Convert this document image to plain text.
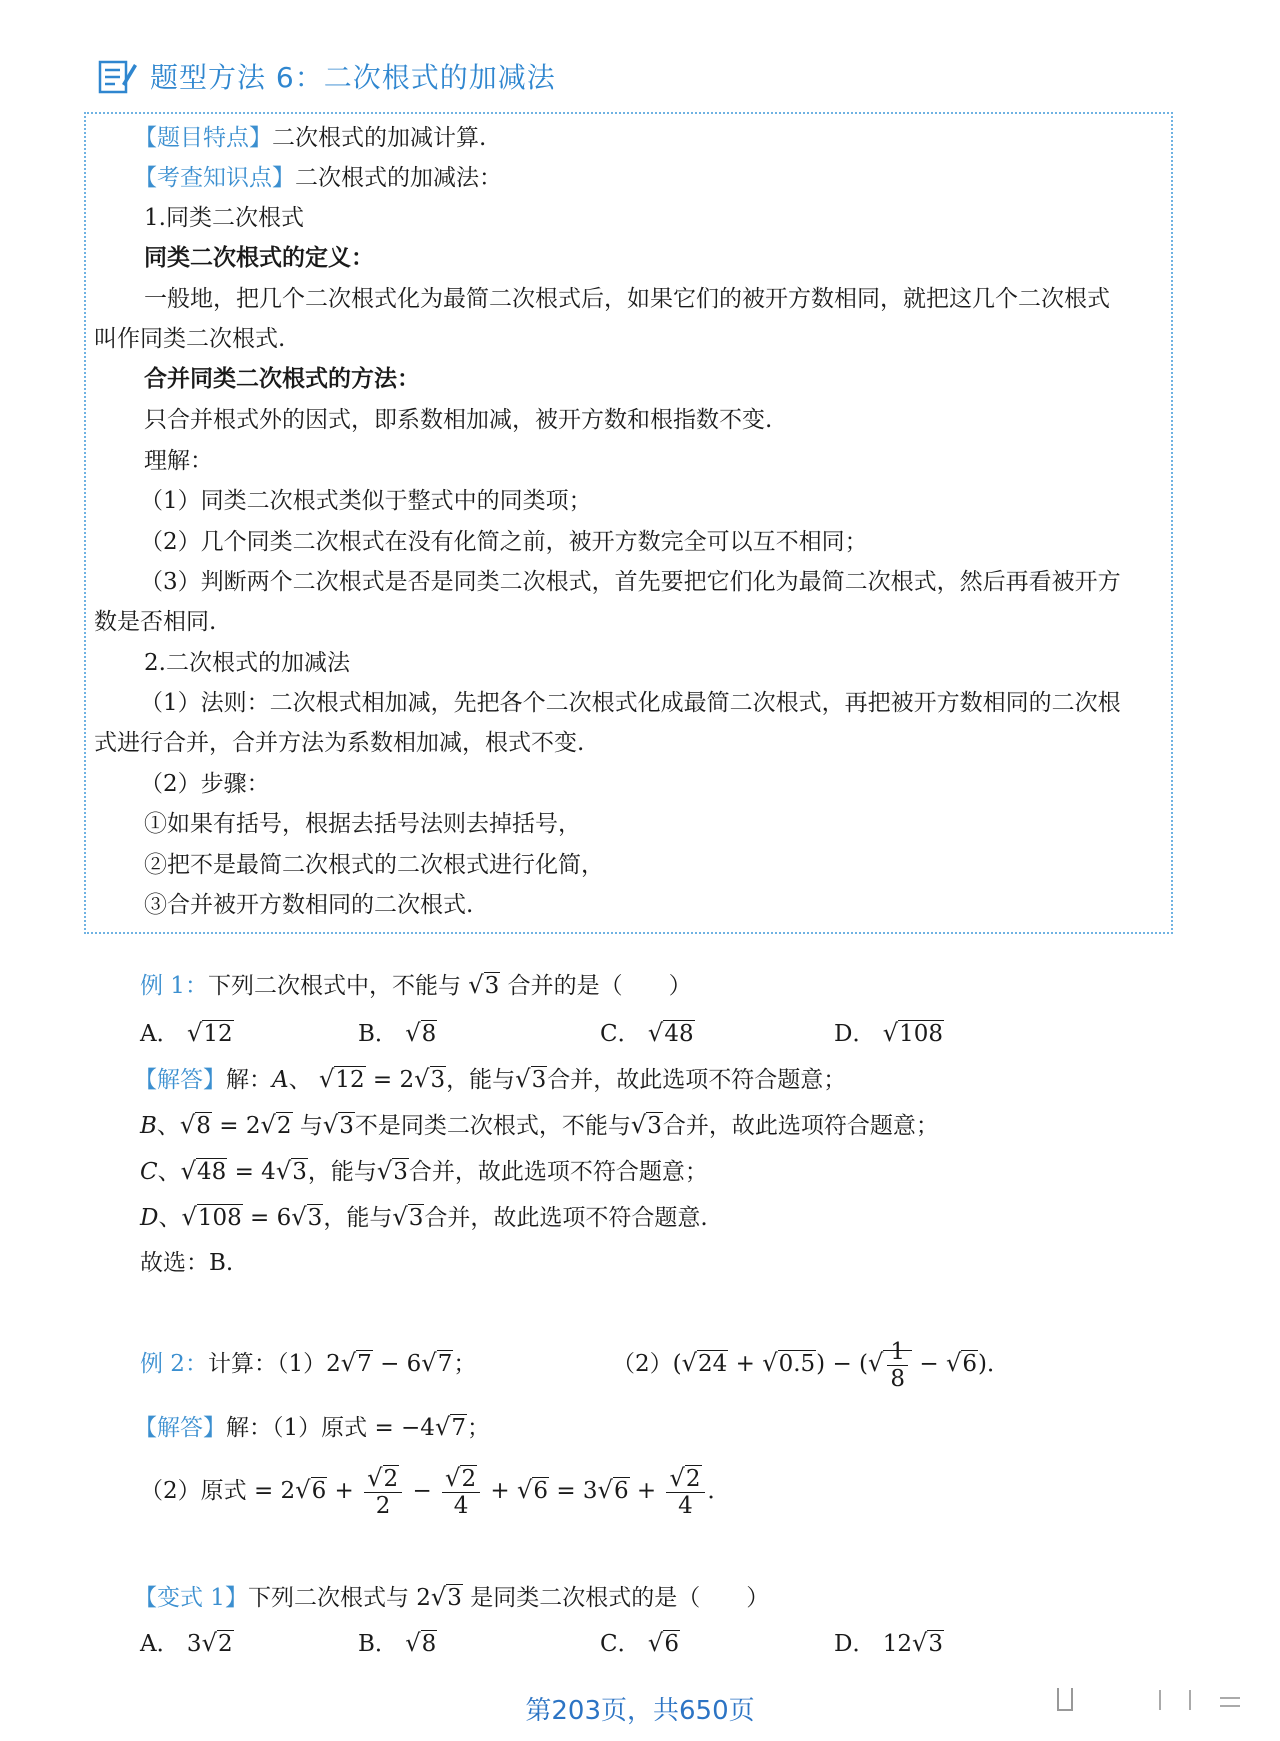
题型方法 6：二次根式的加减法
【题目特点】二次根式的加减计算.
【考查知识点】二次根式的加减法：
1.同类二次根式
同类二次根式的定义：
一般地，把几个二次根式化为最简二次根式后，如果它们的被开方数相同，就把这几个二次根式
叫作同类二次根式.
合并同类二次根式的方法：
只合并根式外的因式，即系数相加减，被开方数和根指数不变.
理解：
（1）同类二次根式类似于整式中的同类项；
（2）几个同类二次根式在没有化简之前，被开方数完全可以互不相同；
（3）判断两个二次根式是否是同类二次根式，首先要把它们化为最简二次根式，然后再看被开方
数是否相同.
2.二次根式的加减法
（1）法则：二次根式相加减，先把各个二次根式化成最简二次根式，再把被开方数相同的二次根
式进行合并，合并方法为系数相加减，根式不变.
（2）步骤：
①如果有括号，根据去括号法则去掉括号，
②把不是最简二次根式的二次根式进行化简，
③合并被开方数相同的二次根式.
例 1：下列二次根式中，不能与 √3 合并的是（　　）
A． √12	B． √8	C． √48	D． √108
【解答】解：A、 √12 = 2√3，能与√3合并，故此选项不符合题意；
B、√8 = 2√2 与√3不是同类二次根式，不能与√3合并，故此选项符合题意；
C、√48 = 4√3，能与√3合并，故此选项不符合题意；
D、√108 = 6√3，能与√3合并，故此选项不符合题意.
故选：B.
例 2：计算：（1）2√7 − 6√7；	（2）(√24 + √0.5) − (√ $\frac{1}{8} - √6$)．
【解答】解：（1）原式 = −4√7；
（2）原式 = $2√6 + \frac{√2}{2} - \frac{√2}{4} + √6 = 3√6 + \frac{√2}{4}$ ．
【变式 1】下列二次根式与 2√3 是同类二次根式的是（　　）
A． 3√2	B． √8	C． √6	D． 12√3
第203页，共650页
